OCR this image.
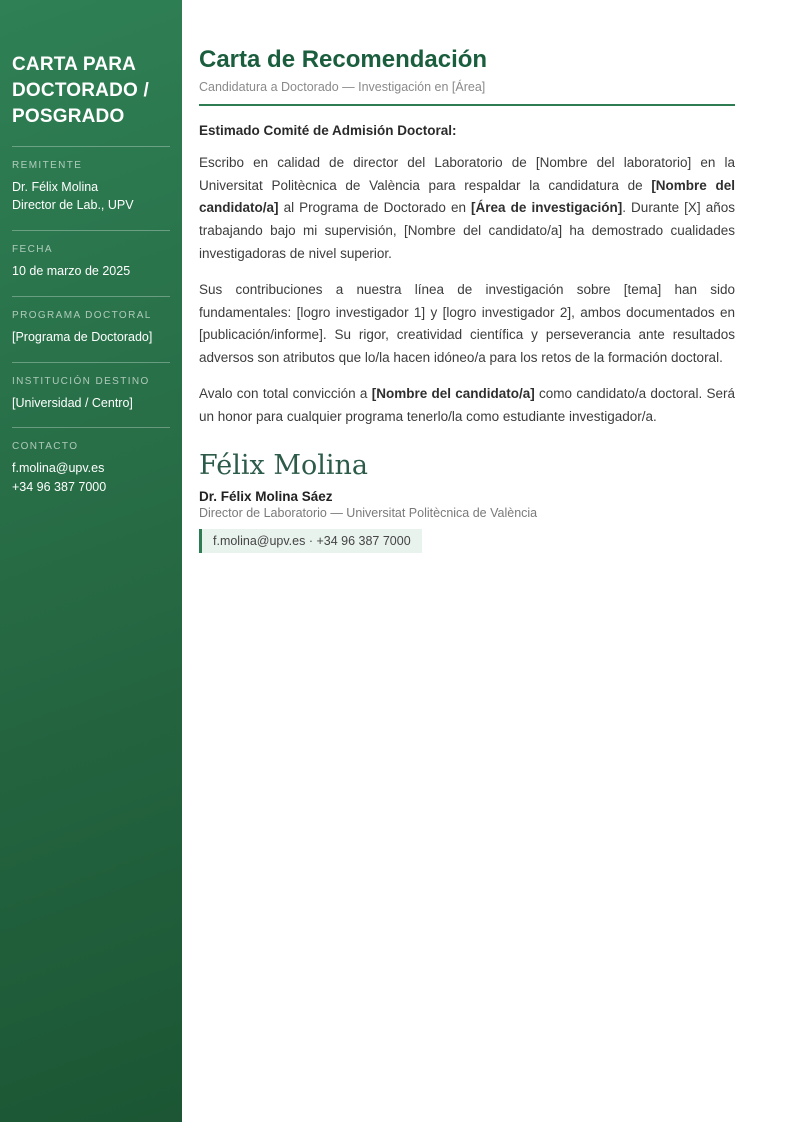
CARTA PARA DOCTORADO / POSGRADO
REMITENTE
Dr. Félix Molina
Director de Lab., UPV
FECHA
10 de marzo de 2025
PROGRAMA DOCTORAL
[Programa de Doctorado]
INSTITUCIÓN DESTINO
[Universidad / Centro]
CONTACTO
f.molina@upv.es
+34 96 387 7000
Carta de Recomendación
Candidatura a Doctorado — Investigación en [Área]
Estimado Comité de Admisión Doctoral:

Escribo en calidad de director del Laboratorio de [Nombre del laboratorio] en la Universitat Politècnica de València para respaldar la candidatura de [Nombre del candidato/a] al Programa de Doctorado en [Área de investigación]. Durante [X] años trabajando bajo mi supervisión, [Nombre del candidato/a] ha demostrado cualidades investigadoras de nivel superior.

Sus contribuciones a nuestra línea de investigación sobre [tema] han sido fundamentales: [logro investigador 1] y [logro investigador 2], ambos documentados en [publicación/informe]. Su rigor, creatividad científica y perseverancia ante resultados adversos son atributos que lo/la hacen idóneo/a para los retos de la formación doctoral.

Avalo con total convicción a [Nombre del candidato/a] como candidato/a doctoral. Será un honor para cualquier programa tenerlo/la como estudiante investigador/a.

Félix Molina
Dr. Félix Molina Sáez
Director de Laboratorio — Universitat Politècnica de València
f.molina@upv.es · +34 96 387 7000
